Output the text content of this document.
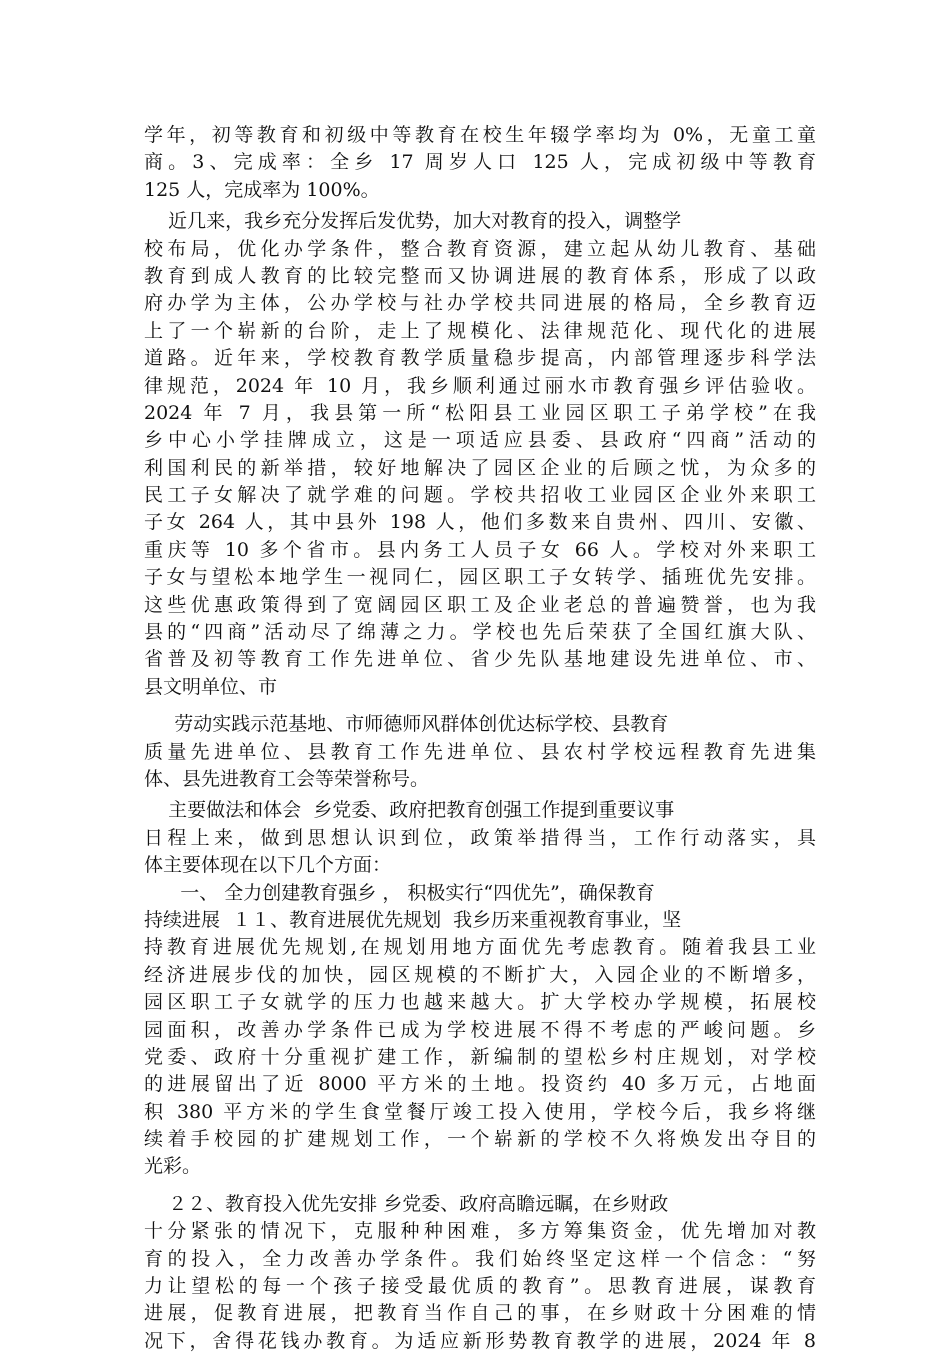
学年，初等教育和初级中等教育在校生年辍学率均为 0%，无童工童
商。3、完成率：全乡 17 周岁人口 125 人，完成初级中等教育
125 人，完成率为 100%。
近几来，我乡充分发挥后发优势，加大对教育的投入，调整学
校布局，优化办学条件，整合教育资源，建立起从幼儿教育、基础
教育到成人教育的比较完整而又协调进展的教育体系，形成了以政
府办学为主体，公办学校与社办学校共同进展的格局，全乡教育迈
上了一个崭新的台阶，走上了规模化、法律规范化、现代化的进展
道路。近年来，学校教育教学质量稳步提高，内部管理逐步科学法
律规范，2024 年 10 月，我乡顺利通过丽水市教育强乡评估验收。
2024 年 7 月，我县第一所“松阳县工业园区职工子弟学校”在我
乡中心小学挂牌成立，这是一项适应县委、县政府“四商”活动的
利国利民的新举措，较好地解决了园区企业的后顾之忧，为众多的
民工子女解决了就学难的问题。学校共招收工业园区企业外来职工
子女 264 人，其中县外 198 人，他们多数来自贵州、四川、安徽、
重庆等 10 多个省市。县内务工人员子女 66 人。学校对外来职工
子女与望松本地学生一视同仁，园区职工子女转学、插班优先安排。
这些优惠政策得到了宽阔园区职工及企业老总的普遍赞誉，也为我
县的“四商”活动尽了绵薄之力。学校也先后荣获了全国红旗大队、
省普及初等教育工作先进单位、省少先队基地建设先进单位、市、
县文明单位、市
劳动实践示范基地、市师德师风群体创优达标学校、县教育
质量先进单位、县教育工作先进单位、县农村学校远程教育先进集
体、县先进教育工会等荣誉称号。
主要做法和体会  乡党委、政府把教育创强工作提到重要议事
日程上来，做到思想认识到位，政策举措得当，工作行动落实，具
体主要体现在以下几个方面：
一、 全力创建教育强乡 ， 积极实行“四优先”，确保教育
持续进展  １１、教育进展优先规划  我乡历来重视教育事业，坚
持教育进展优先规划,在规划用地方面优先考虑教育。随着我县工业
经济进展步伐的加快，园区规模的不断扩大，入园企业的不断增多，
园区职工子女就学的压力也越来越大。扩大学校办学规模，拓展校
园面积，改善办学条件已成为学校进展不得不考虑的严峻问题。乡
党委、政府十分重视扩建工作，新编制的望松乡村庄规划，对学校
的进展留出了近 8000 平方米的土地。投资约 40 多万元，占地面
积 380 平方米的学生食堂餐厅竣工投入使用，学校今后，我乡将继
续着手校园的扩建规划工作，一个崭新的学校不久将焕发出夺目的
光彩。
２２、教育投入优先安排 乡党委、政府高瞻远瞩，在乡财政
十分紧张的情况下，克服种种困难，多方筹集资金，优先增加对教
育的投入，全力改善办学条件。我们始终坚定这样一个信念：“努
力让望松的每一个孩子接受最优质的教育”。思教育进展，谋教育
进展，促教育进展，把教育当作自己的事，在乡财政十分困难的情
况下，舍得花钱办教育。为适应新形势教育教学的进展，2024 年 8
